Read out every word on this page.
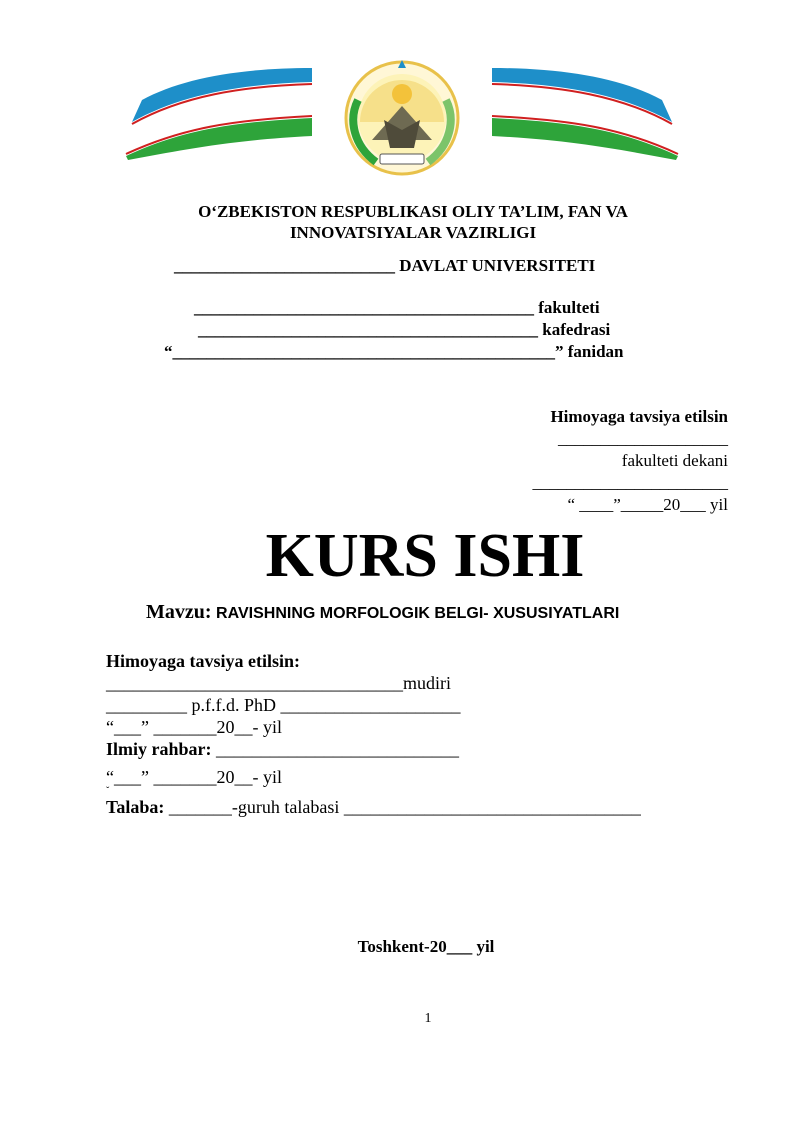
O‘ZBEKISTON RESPUBLIKASI OLIY TA’LIM, FAN VA
INNOVATSIYALAR VAZIRLIGI
__________________________ DAVLAT UNIVERSITETI
________________________________________ fakulteti
________________________________________ kafedrasi
“_____________________________________________” fanidan
Himoyaga tavsiya etilsin
____________________
fakulteti dekani
_______________________
“ ____”_____20___ yil
KURS ISHI
Mavzu: RAVISHNING MORFOLOGIK BELGI- XUSUSIYATLARI
Himoyaga tavsiya etilsin:
_________________________________mudiri
_________ p.f.f.d. PhD ____________________
“___” _______20__- yil
Ilmiy rahbar: ___________________________
“___” _______20__- yil
ˇ
Talaba: _______-guruh talabasi _________________________________
Toshkent-20___ yil
1
